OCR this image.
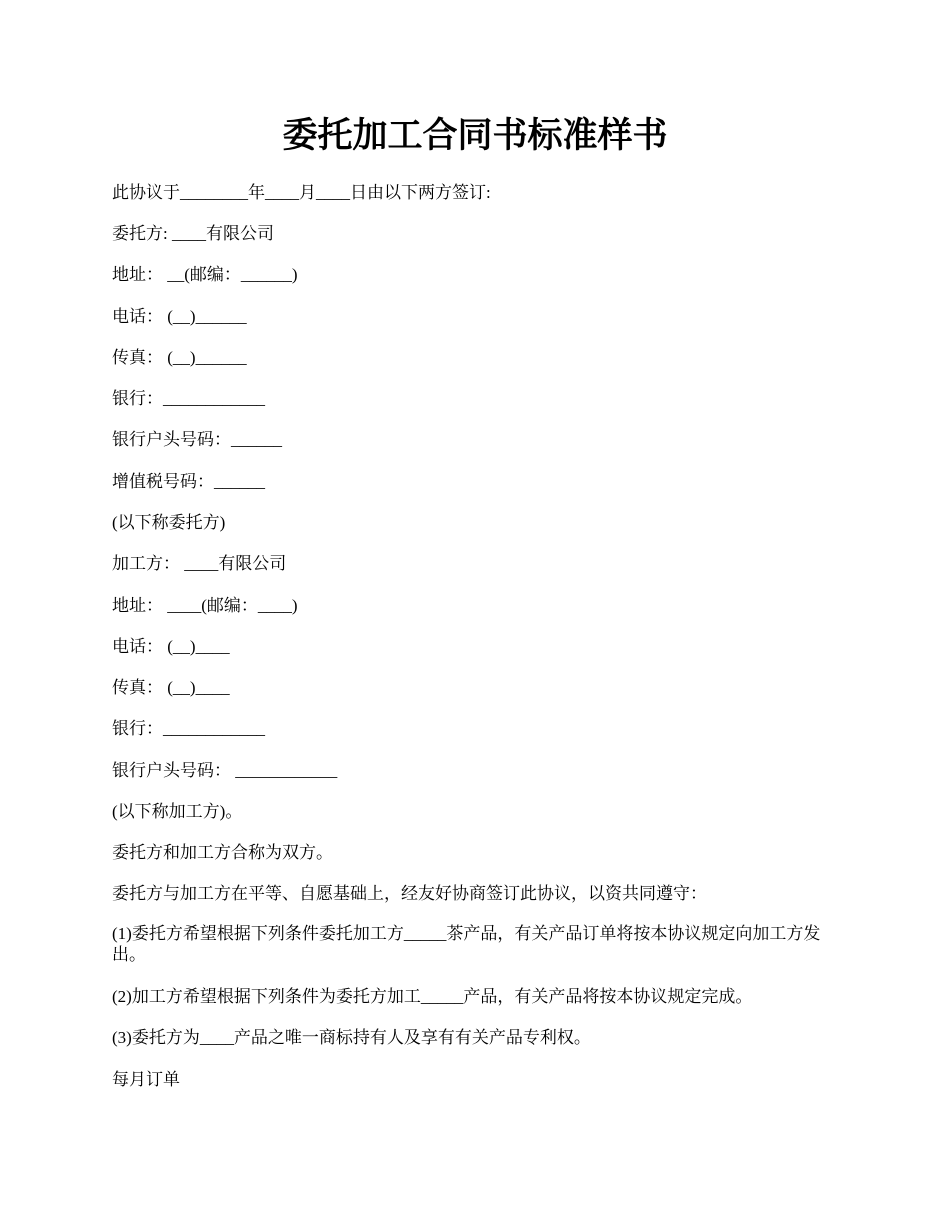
委托加工合同书标准样书
此协议于________年____月____日由以下两方签订:
委托方: ____有限公司
地址： __(邮编：______)
电话： (__)______
传真： (__)______
银行：____________
银行户头号码：______
增值税号码：______
(以下称委托方)
加工方： ____有限公司
地址： ____(邮编：____)
电话： (__)____
传真： (__)____
银行：____________
银行户头号码： ____________
(以下称加工方)。
委托方和加工方合称为双方。
委托方与加工方在平等、自愿基础上，经友好协商签订此协议，以资共同遵守：
(1)委托方希望根据下列条件委托加工方_____茶产品，有关产品订单将按本协议规定向加工方发出。
(2)加工方希望根据下列条件为委托方加工_____产品，有关产品将按本协议规定完成。
(3)委托方为____产品之唯一商标持有人及享有有关产品专利权。
每月订单
